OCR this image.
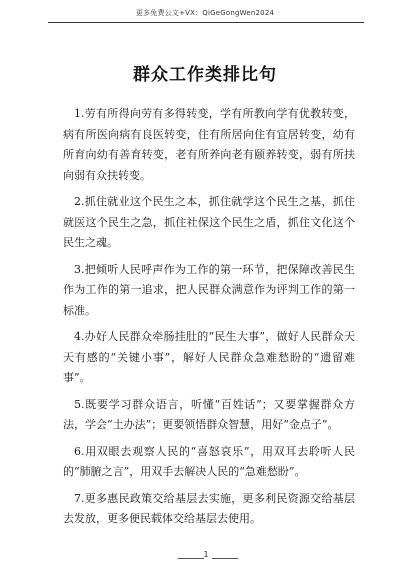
更多免费公文+VX：QiGeGongWen2024
群众工作类排比句

1.劳有所得向劳有多得转变，学有所教向学有优教转变，病有所医向病有良医转变，住有所居向住有宜居转变，幼有所育向幼有善育转变，老有所养向老有颐养转变，弱有所扶向弱有众扶转变。

2.抓住就业这个民生之本，抓住就学这个民生之基，抓住就医这个民生之急，抓住社保这个民生之盾，抓住文化这个民生之魂。

3.把倾听人民呼声作为工作的第一环节，把保障改善民生作为工作的第一追求，把人民群众满意作为评判工作的第一标准。

4.办好人民群众牵肠挂肚的“民生大事”，做好人民群众天天有感的“关键小事”，解好人民群众急难愁盼的“遗留难事”。

5.既要学习群众语言，听懂“百姓话”；又要掌握群众方法，学会“土办法”；更要领悟群众智慧，用好“金点子”。

6.用双眼去观察人民的“喜怒哀乐”，用双耳去聆听人民的“肺腑之言”，用双手去解决人民的“急难愁盼”。

7.更多惠民政策交给基层去实施，更多利民资源交给基层去发放，更多便民载体交给基层去使用。

1
